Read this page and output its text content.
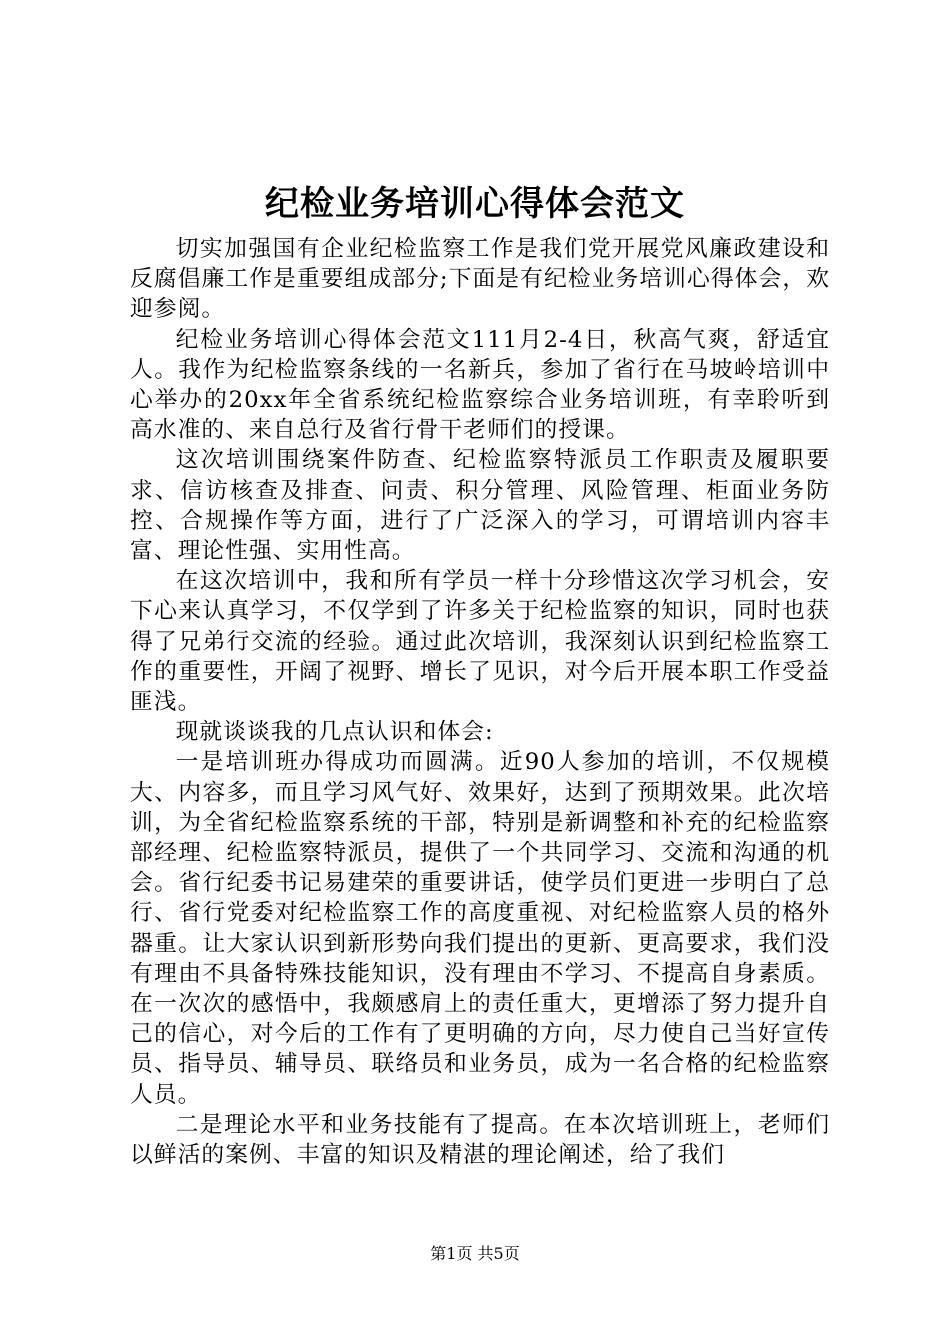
纪检业务培训心得体会范文

切实加强国有企业纪检监察工作是我们党开展党风廉政建设和反腐倡廉工作是重要组成部分;下面是有纪检业务培训心得体会，欢迎参阅。

纪检业务培训心得体会范文111月2-4日，秋高气爽，舒适宜人。我作为纪检监察条线的一名新兵，参加了省行在马坡岭培训中心举办的20xx年全省系统纪检监察综合业务培训班，有幸聆听到高水准的、来自总行及省行骨干老师们的授课。

这次培训围绕案件防查、纪检监察特派员工作职责及履职要求、信访核查及排查、问责、积分管理、风险管理、柜面业务防控、合规操作等方面，进行了广泛深入的学习，可谓培训内容丰富、理论性强、实用性高。

在这次培训中，我和所有学员一样十分珍惜这次学习机会，安下心来认真学习，不仅学到了许多关于纪检监察的知识，同时也获得了兄弟行交流的经验。通过此次培训，我深刻认识到纪检监察工作的重要性，开阔了视野、增长了见识，对今后开展本职工作受益匪浅。

现就谈谈我的几点认识和体会:

一是培训班办得成功而圆满。近90人参加的培训，不仅规模大、内容多，而且学习风气好、效果好，达到了预期效果。此次培训，为全省纪检监察系统的干部，特别是新调整和补充的纪检监察部经理、纪检监察特派员，提供了一个共同学习、交流和沟通的机会。省行纪委书记易建荣的重要讲话，使学员们更进一步明白了总行、省行党委对纪检监察工作的高度重视、对纪检监察人员的格外器重。让大家认识到新形势向我们提出的更新、更高要求，我们没有理由不具备特殊技能知识，没有理由不学习、不提高自身素质。在一次次的感悟中，我颇感肩上的责任重大，更增添了努力提升自己的信心，对今后的工作有了更明确的方向，尽力使自己当好宣传员、指导员、辅导员、联络员和业务员，成为一名合格的纪检监察人员。

二是理论水平和业务技能有了提高。在本次培训班上，老师们以鲜活的案例、丰富的知识及精湛的理论阐述，给了我们

第1页 共5页
